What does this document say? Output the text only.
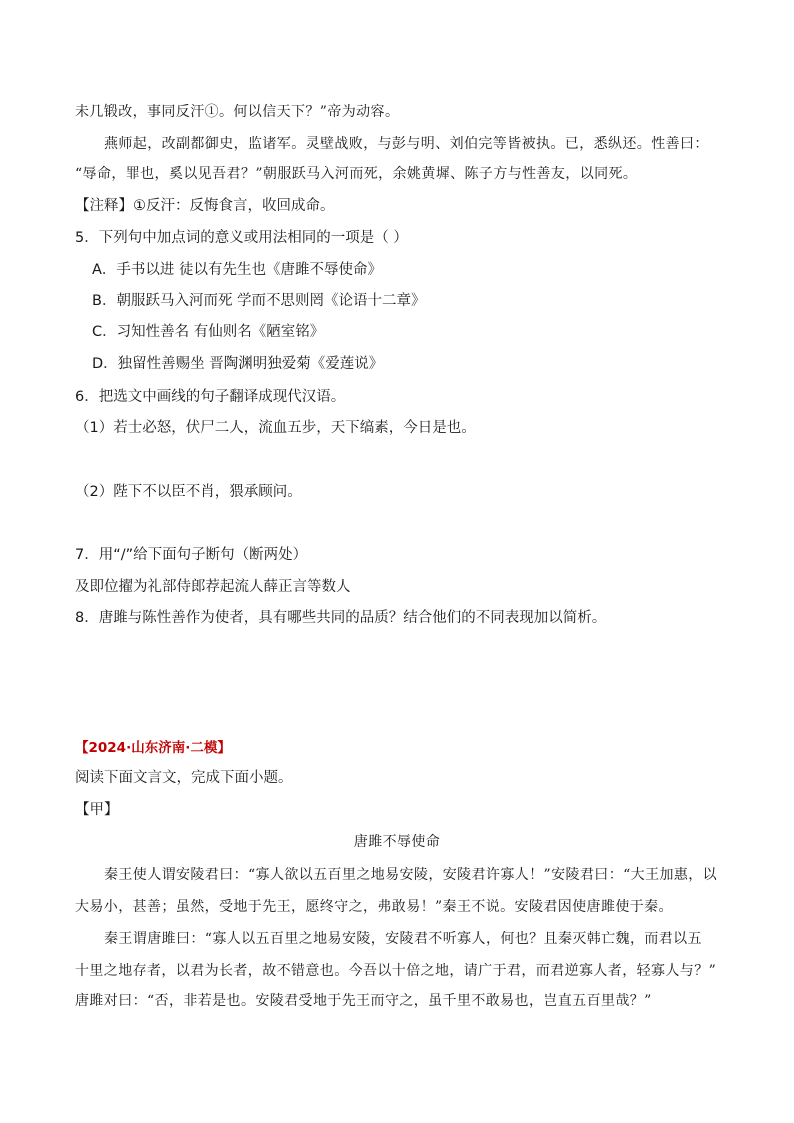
未几锻改，事同反汗①。何以信天下？”帝为动容。
燕师起，改副都御史，监诸军。灵壁战败，与彭与明、刘伯完等皆被执。已，悉纵还。性善曰：
“辱命，罪也，奚以见吾君？”朝服跃马入河而死，余姚黄墀、陈子方与性善友，以同死。
【注释】①反汗：反悔食言，收回成命。
5．下列句中加点词的意义或用法相同的一项是（ ）
A．手书以进 徒以有先生也《唐雎不辱使命》
B．朝服跃马入河而死 学而不思则罔《论语十二章》
C．习知性善名 有仙则名《陋室铭》
D．独留性善赐坐 晋陶渊明独爱菊《爱莲说》
6．把选文中画线的句子翻译成现代汉语。
（1）若士必怒，伏尸二人，流血五步，天下缟素，今日是也。
（2）陛下不以臣不肖，猥承顾问。
7．用“/”给下面句子断句（断两处）
及即位擢为礼部侍郎荐起流人薛正言等数人
8．唐雎与陈性善作为使者，具有哪些共同的品质？结合他们的不同表现加以简析。
【2024·山东济南·二模】
阅读下面文言文，完成下面小题。
【甲】
唐雎不辱使命
秦王使人谓安陵君曰：“寡人欲以五百里之地易安陵，安陵君许寡人！”安陵君曰：“大王加惠，以
大易小，甚善；虽然，受地于先王，愿终守之，弗敢易！”秦王不说。安陵君因使唐雎使于秦。
秦王谓唐雎曰：“寡人以五百里之地易安陵，安陵君不听寡人，何也？且秦灭韩亡魏，而君以五
十里之地存者，以君为长者，故不错意也。今吾以十倍之地，请广于君，而君逆寡人者，轻寡人与？”
唐雎对曰：“否，非若是也。安陵君受地于先王而守之，虽千里不敢易也，岂直五百里哉？”
